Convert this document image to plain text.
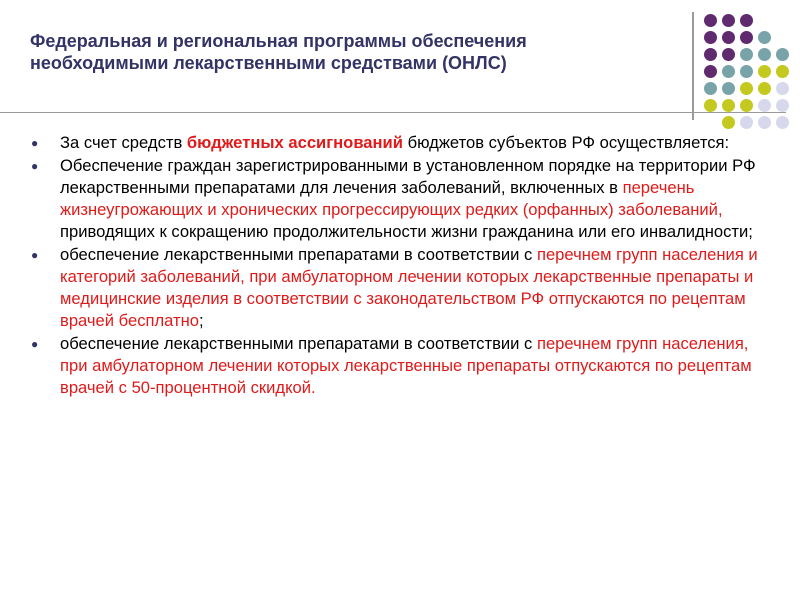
Федеральная и региональная программы обеспечения
необходимыми лекарственными средствами (ОНЛС)
● За счет средств бюджетных ассигнований бюджетов субъектов РФ осуществляется:
● Обеспечение граждан зарегистрированными в установленном порядке на территории РФ лекарственными препаратами для лечения заболеваний, включенных в перечень жизнеугрожающих и хронических прогрессирующих редких (орфанных) заболеваний, приводящих к сокращению продолжительности жизни гражданина или его инвалидности;
● обеспечение лекарственными препаратами в соответствии с перечнем групп населения и категорий заболеваний, при амбулаторном лечении которых лекарственные препараты и медицинские изделия в соответствии с законодательством РФ отпускаются по рецептам врачей бесплатно;
● обеспечение лекарственными препаратами в соответствии с перечнем групп населения, при амбулаторном лечении которых лекарственные препараты отпускаются по рецептам врачей с 50-процентной скидкой.
